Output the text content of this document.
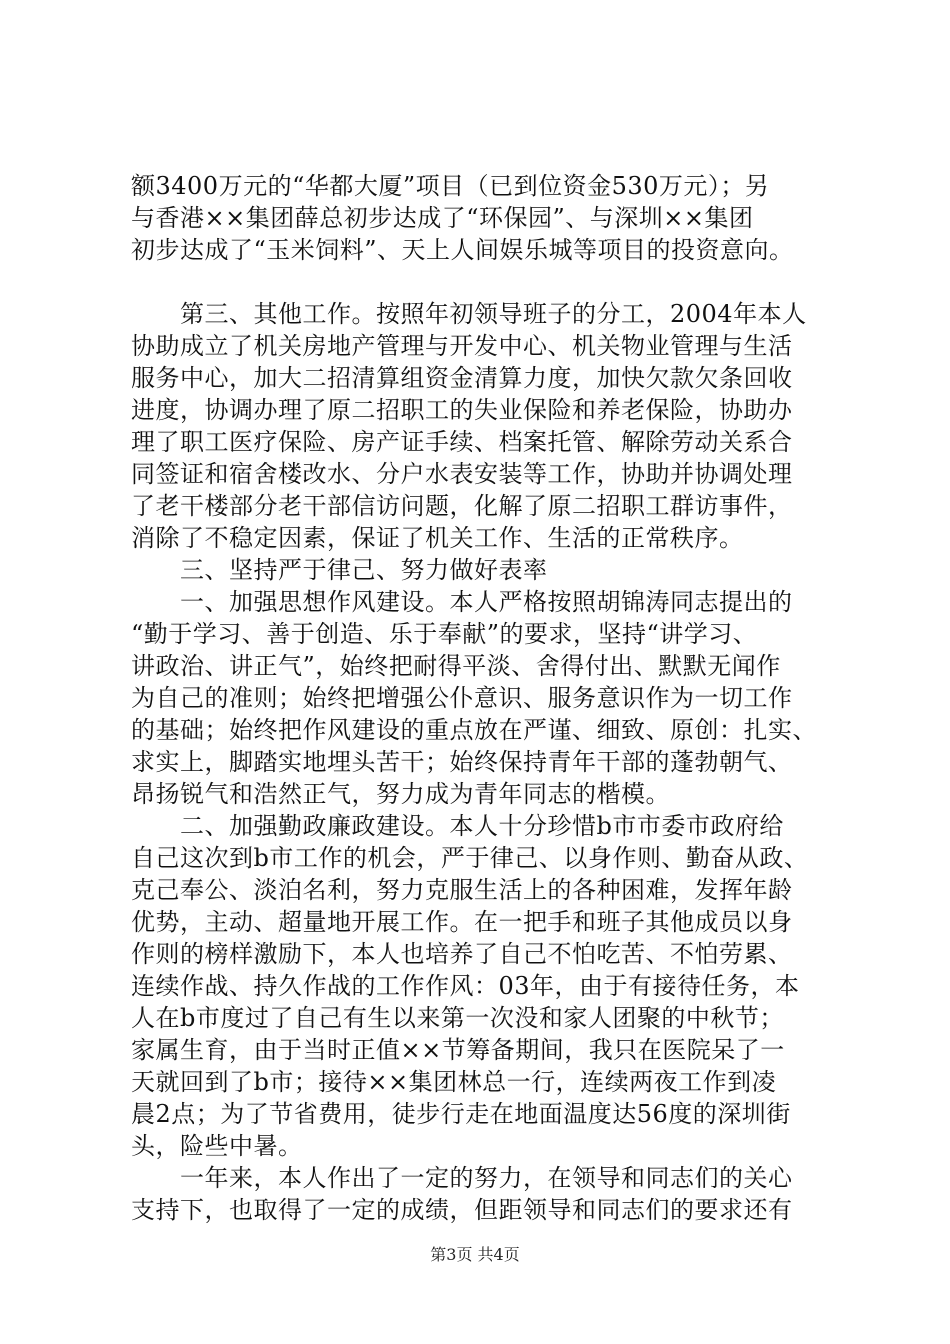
额3400万元的“华都大厦”项目（已到位资金530万元）；另
与香港××集团薛总初步达成了“环保园”、与深圳××集团
初步达成了“玉米饲料”、天上人间娱乐城等项目的投资意向。
　　第三、其他工作。按照年初领导班子的分工，2004年本人
协助成立了机关房地产管理与开发中心、机关物业管理与生活
服务中心，加大二招清算组资金清算力度，加快欠款欠条回收
进度，协调办理了原二招职工的失业保险和养老保险，协助办
理了职工医疗保险、房产证手续、档案托管、解除劳动关系合
同签证和宿舍楼改水、分户水表安装等工作，协助并协调处理
了老干楼部分老干部信访问题，化解了原二招职工群访事件，
消除了不稳定因素，保证了机关工作、生活的正常秩序。
　　三、坚持严于律己、努力做好表率
　　一、加强思想作风建设。本人严格按照胡锦涛同志提出的
“勤于学习、善于创造、乐于奉献”的要求，坚持“讲学习、
讲政治、讲正气”，始终把耐得平淡、舍得付出、默默无闻作
为自己的准则；始终把增强公仆意识、服务意识作为一切工作
的基础；始终把作风建设的重点放在严谨、细致、原创：扎实、
求实上，脚踏实地埋头苦干；始终保持青年干部的蓬勃朝气、
昂扬锐气和浩然正气，努力成为青年同志的楷模。
　　二、加强勤政廉政建设。本人十分珍惜b市市委市政府给
自己这次到b市工作的机会，严于律己、以身作则、勤奋从政、
克己奉公、淡泊名利，努力克服生活上的各种困难，发挥年龄
优势，主动、超量地开展工作。在一把手和班子其他成员以身
作则的榜样激励下，本人也培养了自己不怕吃苦、不怕劳累、
连续作战、持久作战的工作作风：03年，由于有接待任务，本
人在b市度过了自己有生以来第一次没和家人团聚的中秋节；
家属生育，由于当时正值××节筹备期间，我只在医院呆了一
天就回到了b市；接待××集团林总一行，连续两夜工作到凌
晨2点；为了节省费用，徒步行走在地面温度达56度的深圳街
头，险些中暑。
　　一年来，本人作出了一定的努力，在领导和同志们的关心
支持下，也取得了一定的成绩，但距领导和同志们的要求还有
第3页 共4页
